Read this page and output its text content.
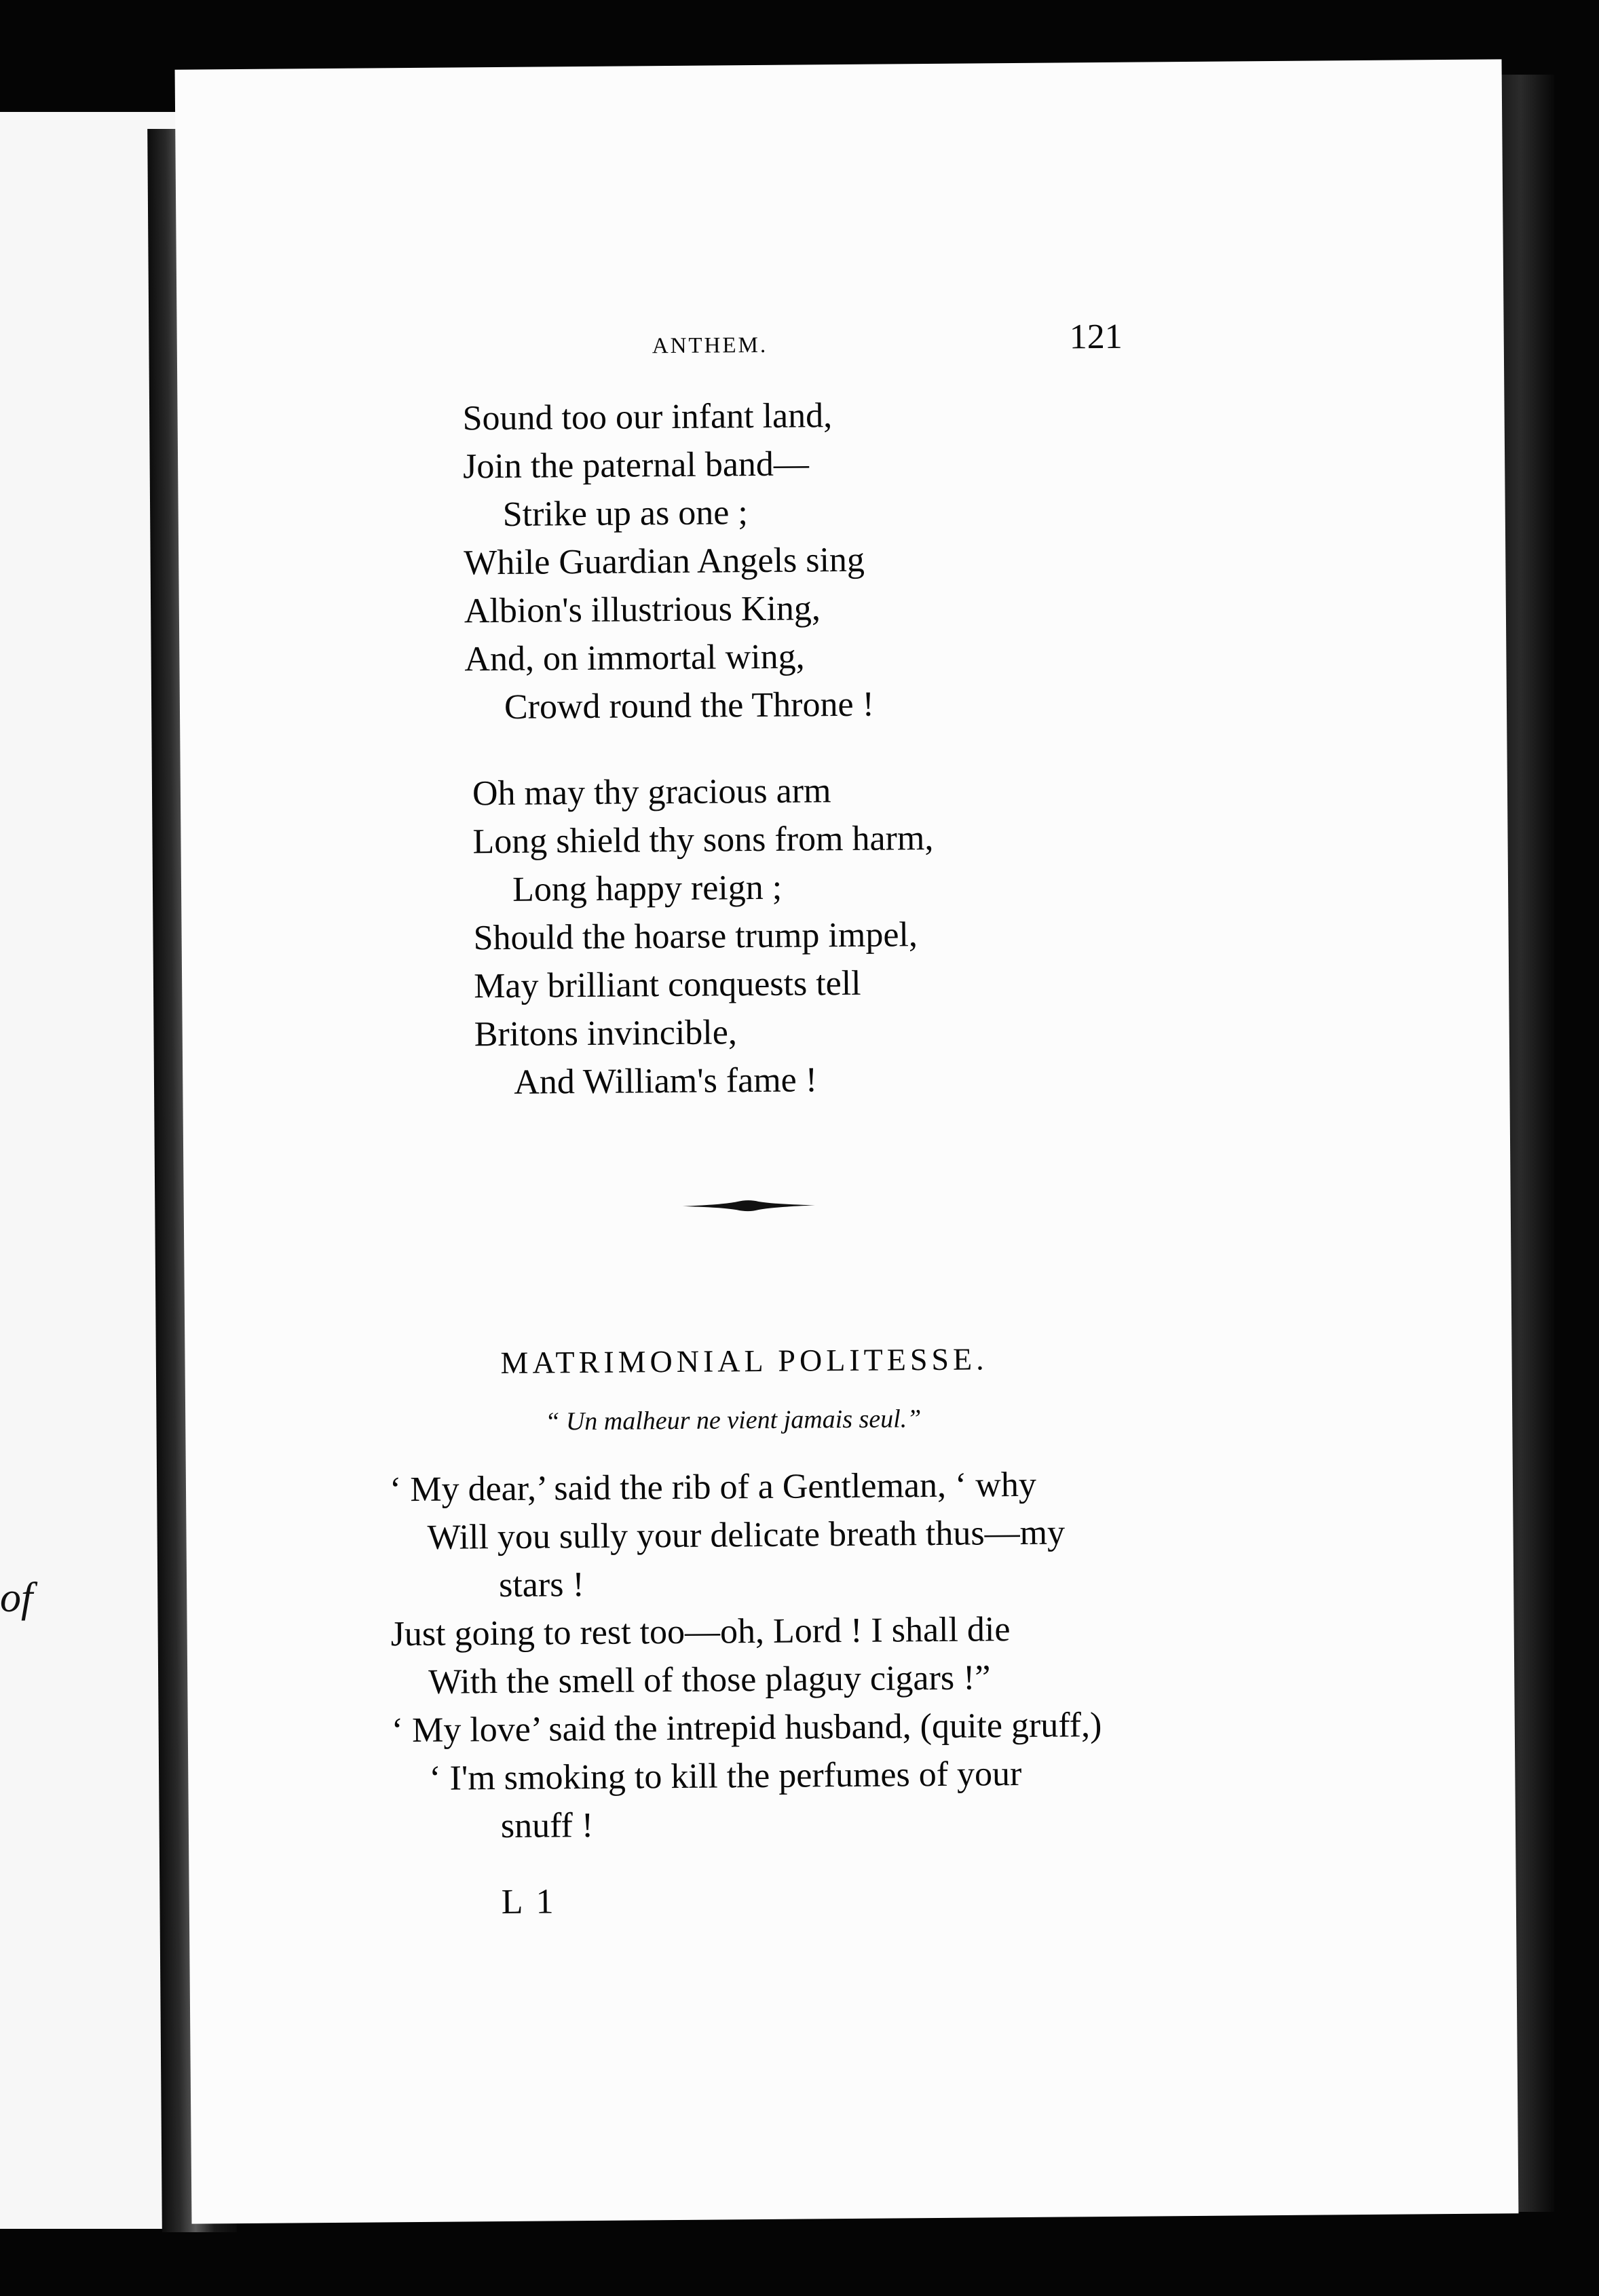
of
ANTHEM.	121
Sound too our infant land,
Join the paternal band—
Strike up as one ;
While Guardian Angels sing
Albion's illustrious King,
And, on immortal wing,
Crowd round the Throne !
Oh may thy gracious arm
Long shield thy sons from harm,
Long happy reign ;
Should the hoarse trump impel,
May brilliant conquests tell
Britons invincible,
And William's fame !
MATRIMONIAL POLITESSE.
“ Un malheur ne vient jamais seul.”
‘ My dear,’ said the rib of a Gentleman, ‘ why
Will you sully your delicate breath thus—my
stars !
Just going to rest too—oh, Lord ! I shall die
With the smell of those plaguy cigars !”
‘ My love’ said the intrepid husband, (quite gruff,)
‘ I'm smoking to kill the perfumes of your
snuff !
L 1
